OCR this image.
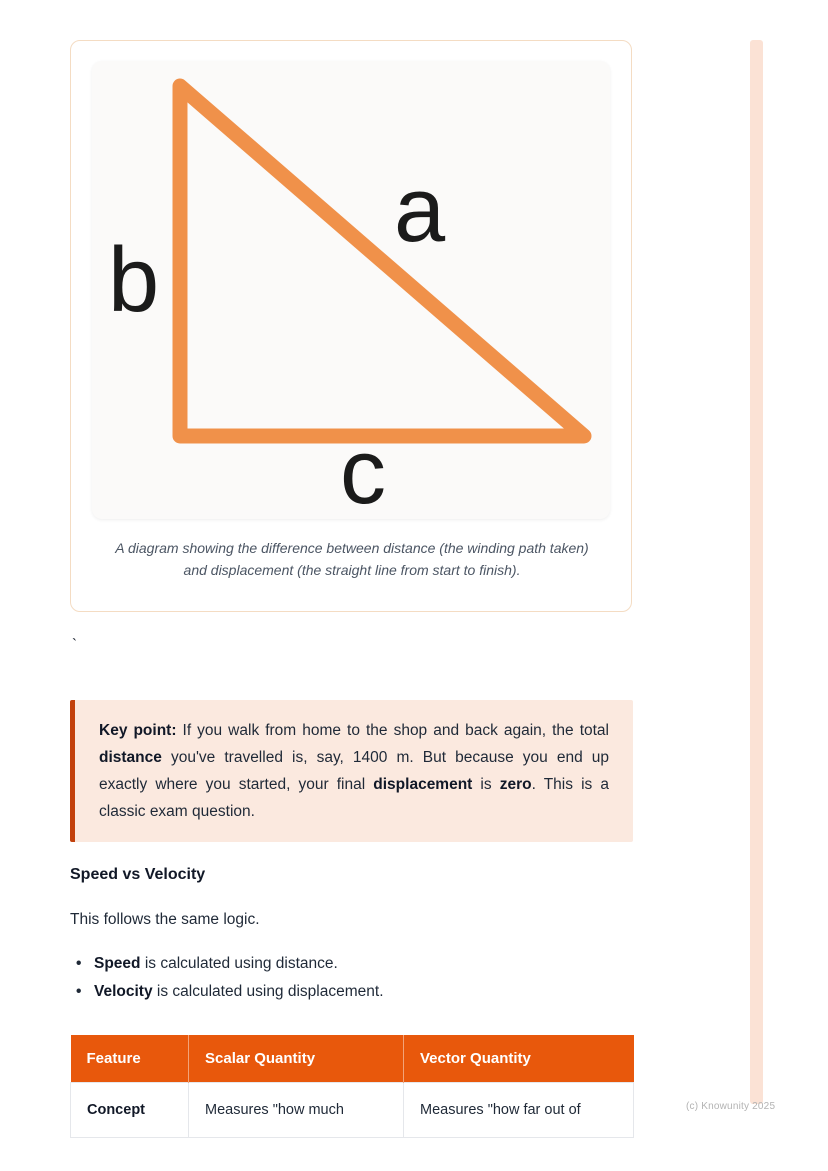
b
a
c
A diagram showing the difference between distance (the winding path taken) and displacement (the straight line from start to finish).
`
Key point: If you walk from home to the shop and back again, the total distance you've travelled is, say, 1400 m. But because you end up exactly where you started, your final displacement is zero. This is a classic exam question.
Speed vs Velocity
This follows the same logic.
•
Speed is calculated using distance.
•
Velocity is calculated using displacement.
Feature	Scalar Quantity	Vector Quantity
Concept	Measures "how much	Measures "how far out of	(c) Knowunity 2025
